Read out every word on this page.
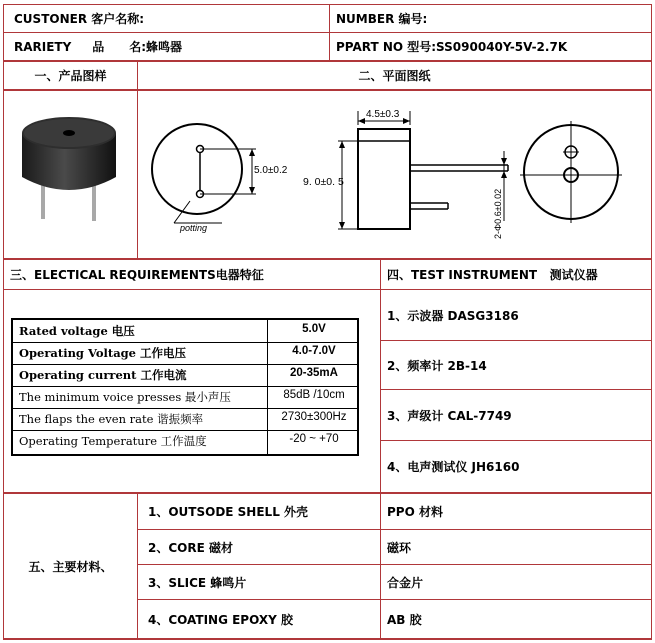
CUSTONER 客户名称:	NUMBER 编号:
RARIETY     品      名:蜂鸣器	PPART NO 型号:SS090040Y-5V-2.7K
一、产品图样	二、平面图纸
5.0±0.2
potting
4.5±0.3
9. 0±0. 5
2-Φ0.6±0.02
三、ELECTICAL REQUIREMENTS电器特征	四、TEST INSTRUMENT   测试仪器
Rated voltage 电压	5.0V
Operating Voltage 工作电压	4.0-7.0V
Operating current 工作电流	20-35mA
The minimum voice presses 最小声压	85dB /10cm
The flaps the even rate 谐振频率	2730±300Hz
Operating Temperature 工作温度	-20 ~ +70
1、示波器 DASG3186
2、频率计 2B-14
3、声级计 CAL-7749
4、电声测试仪 JH6160
五、主要材料、
1、OUTSODE SHELL 外壳	PPO 材料
2、CORE 磁材	磁环
3、SLICE 蜂鸣片	合金片
4、COATING EPOXY 胶	AB 胶
